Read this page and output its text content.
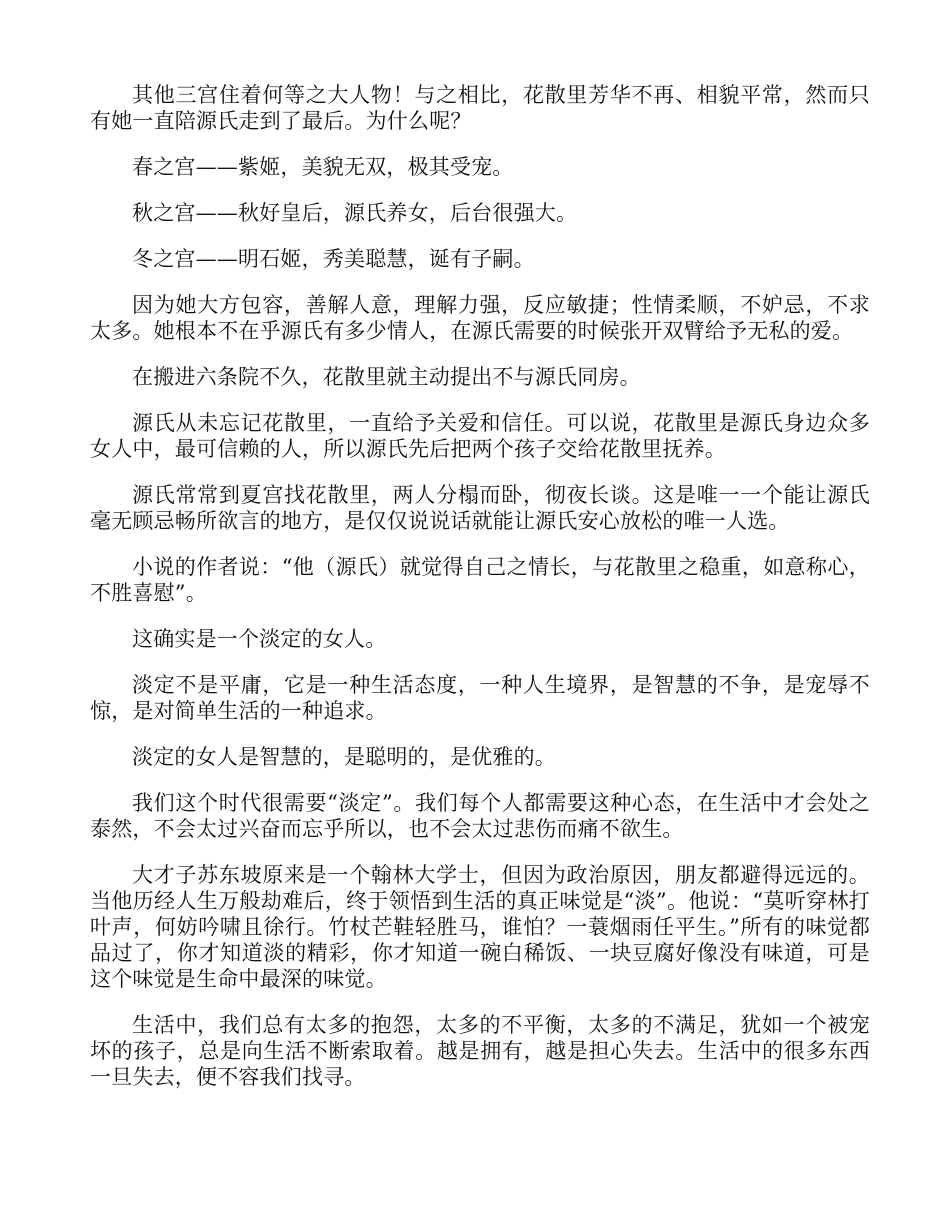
其他三宫住着何等之大人物！与之相比，花散里芳华不再、相貌平常，然而只有她一直陪源氏走到了最后。为什么呢？

春之宫——紫姬，美貌无双，极其受宠。

秋之宫——秋好皇后，源氏养女，后台很强大。

冬之宫——明石姬，秀美聪慧，诞有子嗣。

因为她大方包容，善解人意，理解力强，反应敏捷；性情柔顺，不妒忌，不求太多。她根本不在乎源氏有多少情人，在源氏需要的时候张开双臂给予无私的爱。

在搬进六条院不久，花散里就主动提出不与源氏同房。

源氏从未忘记花散里，一直给予关爱和信任。可以说，花散里是源氏身边众多女人中，最可信赖的人，所以源氏先后把两个孩子交给花散里抚养。

源氏常常到夏宫找花散里，两人分榻而卧，彻夜长谈。这是唯一一个能让源氏毫无顾忌畅所欲言的地方，是仅仅说说话就能让源氏安心放松的唯一人选。

小说的作者说：“他（源氏）就觉得自己之情长，与花散里之稳重，如意称心，不胜喜慰”。

这确实是一个淡定的女人。

淡定不是平庸，它是一种生活态度，一种人生境界，是智慧的不争，是宠辱不惊，是对简单生活的一种追求。

淡定的女人是智慧的，是聪明的，是优雅的。

我们这个时代很需要“淡定”。我们每个人都需要这种心态，在生活中才会处之泰然，不会太过兴奋而忘乎所以，也不会太过悲伤而痛不欲生。

大才子苏东坡原来是一个翰林大学士，但因为政治原因，朋友都避得远远的。当他历经人生万般劫难后，终于领悟到生活的真正味觉是“淡”。他说：“莫听穿林打叶声，何妨吟啸且徐行。竹杖芒鞋轻胜马，谁怕？一蓑烟雨任平生。”所有的味觉都品过了，你才知道淡的精彩，你才知道一碗白稀饭、一块豆腐好像没有味道，可是这个味觉是生命中最深的味觉。

生活中，我们总有太多的抱怨，太多的不平衡，太多的不满足，犹如一个被宠坏的孩子，总是向生活不断索取着。越是拥有，越是担心失去。生活中的很多东西一旦失去，便不容我们找寻。
